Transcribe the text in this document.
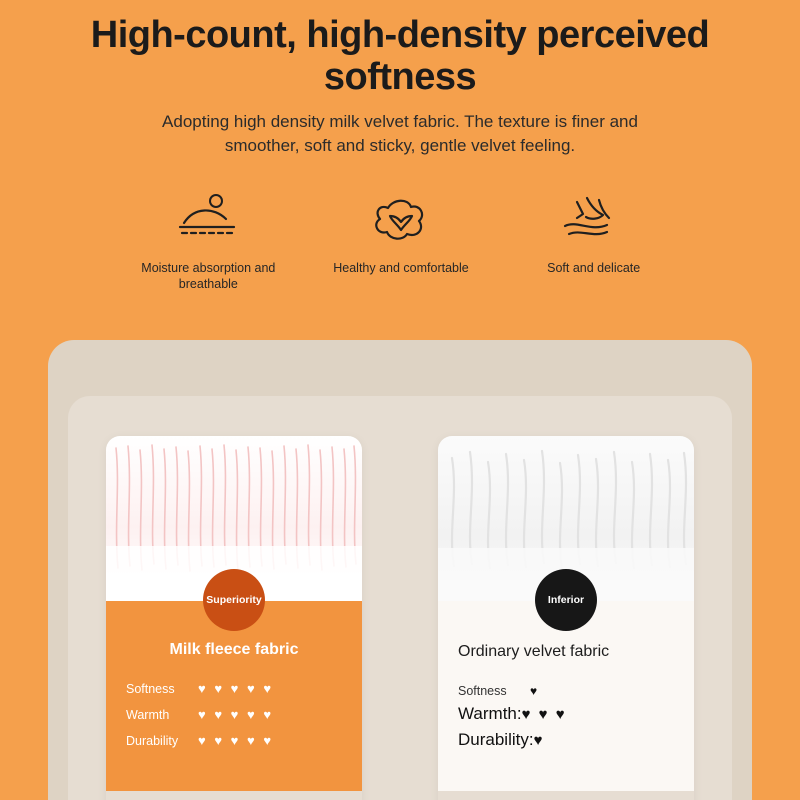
High-count, high-density perceived softness
Adopting high density milk velvet fabric. The texture is finer and smoother, soft and sticky, gentle velvet feeling.
Moisture absorption and breathable
Healthy and comfortable	Soft and delicate
Superiority
Milk fleece fabric
Softness	♥ ♥ ♥ ♥ ♥
Warmth	♥ ♥ ♥ ♥ ♥
Durability	♥ ♥ ♥ ♥ ♥
Inferior
Ordinary velvet fabric
Softness	♥
Warmth: ♥ ♥ ♥
Durability: ♥
